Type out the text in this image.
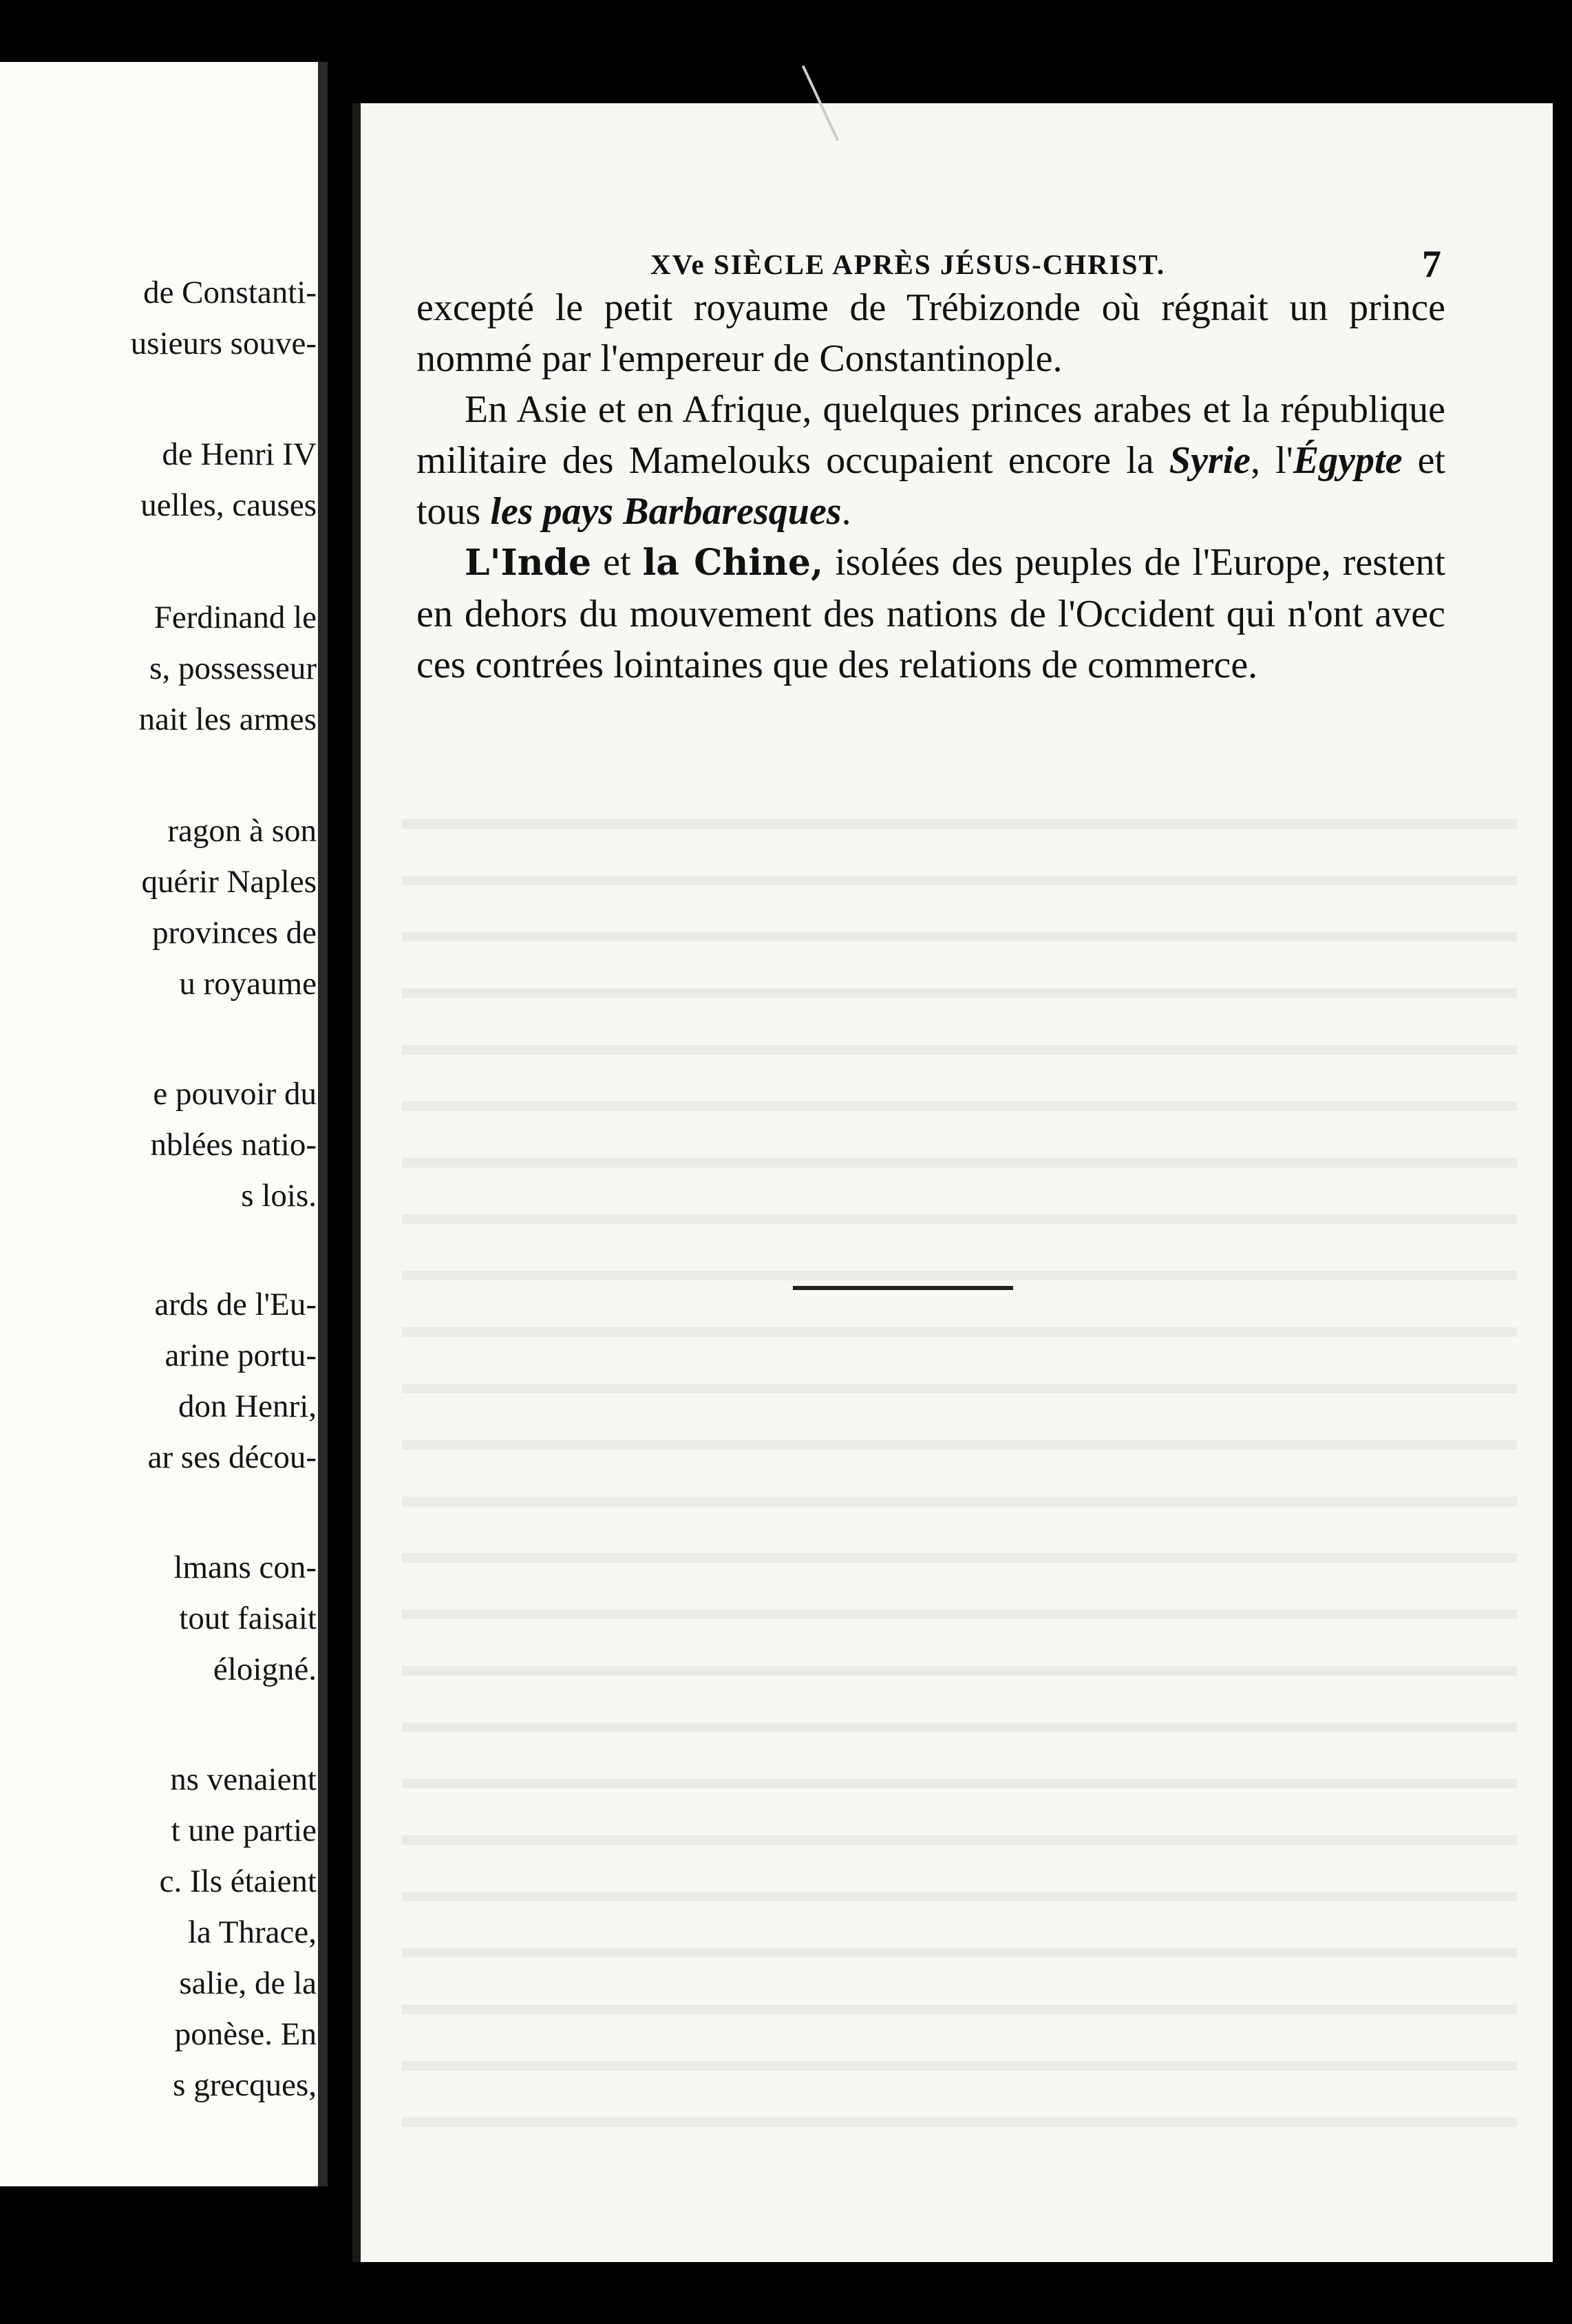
de Constanti-
usieurs souve-
de Henri IV
uelles, causes
Ferdinand le
s, possesseur
nait les armes
ragon à son
quérir Naples
provinces de
u royaume
e pouvoir du
nblées natio-
s lois.
ards de l'Eu-
arine portu-
don Henri,
ar ses décou-
lmans con-
tout faisait
éloigné.
ns venaient
t une partie
c. Ils étaient
la Thrace,
salie, de la
ponèse. En
s grecques,
XVe SIÈCLE APRÈS JÉSUS-CHRIST.	7

excepté le petit royaume de Trébizonde où régnait un prince nommé par l'empereur de Constantinople.

En Asie et en Afrique, quelques princes arabes et la république militaire des Mamelouks occupaient encore la Syrie, l'Égypte et tous les pays Barbaresques.

L'Inde et la Chine, isolées des peuples de l'Europe, restent en dehors du mouvement des nations de l'Occident qui n'ont avec ces contrées lointaines que des relations de commerce.
